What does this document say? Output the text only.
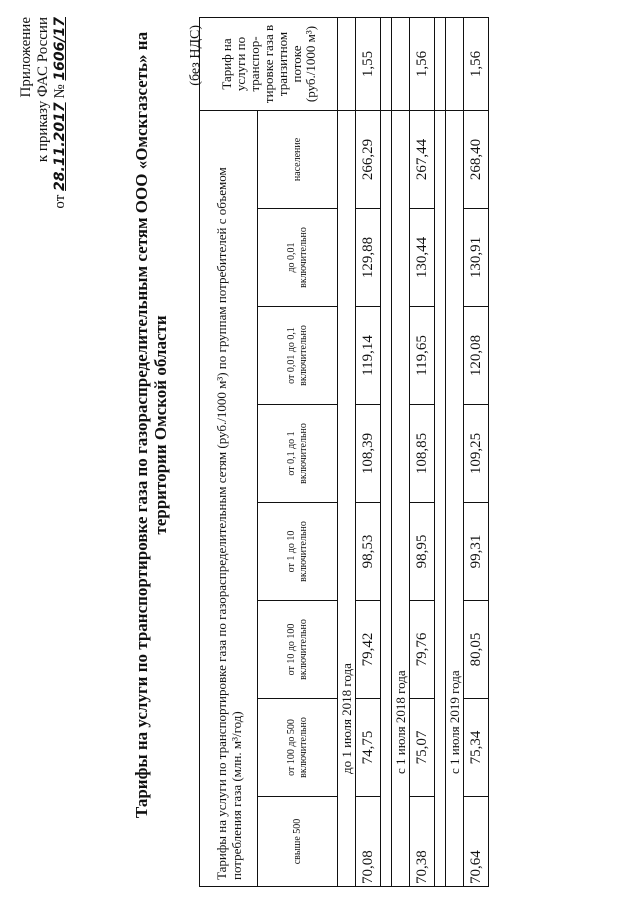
Приложение к приказу ФАС России
от 28.11.2017 № 1606/17	Тарифы на услуги по транспортировке газа по газораспределительным сетям ООО «Омскгазсеть» на территории Омской области
(без НДС)
Тарифы на услуги по транспортировке газа по газораспределительным сетям (руб./1000 м³) по группам потребителей с объемом потребления газа (млн. м³/год)								Тариф на услуги по транспор-тировке газа в транзитном потоке (руб./1000 м³)
свыше 500	от 100 до 500 включительно	от 10 до 100 включительно	от 1 до 10 включительно	от 0,1 до 1 включительно	от 0,01 до 0,1 включительно	до 0,01 включительно	население	
до 1 июля 2018 года								
70,08	74,75	79,42	98,53	108,39	119,14	129,88	266,29	1,55

с 1 июля 2018 года								
70,38	75,07	79,76	98,95	108,85	119,65	130,44	267,44	1,56

с 1 июля 2019 года								
70,64	75,34	80,05	99,31	109,25	120,08	130,91	268,40	1,56
